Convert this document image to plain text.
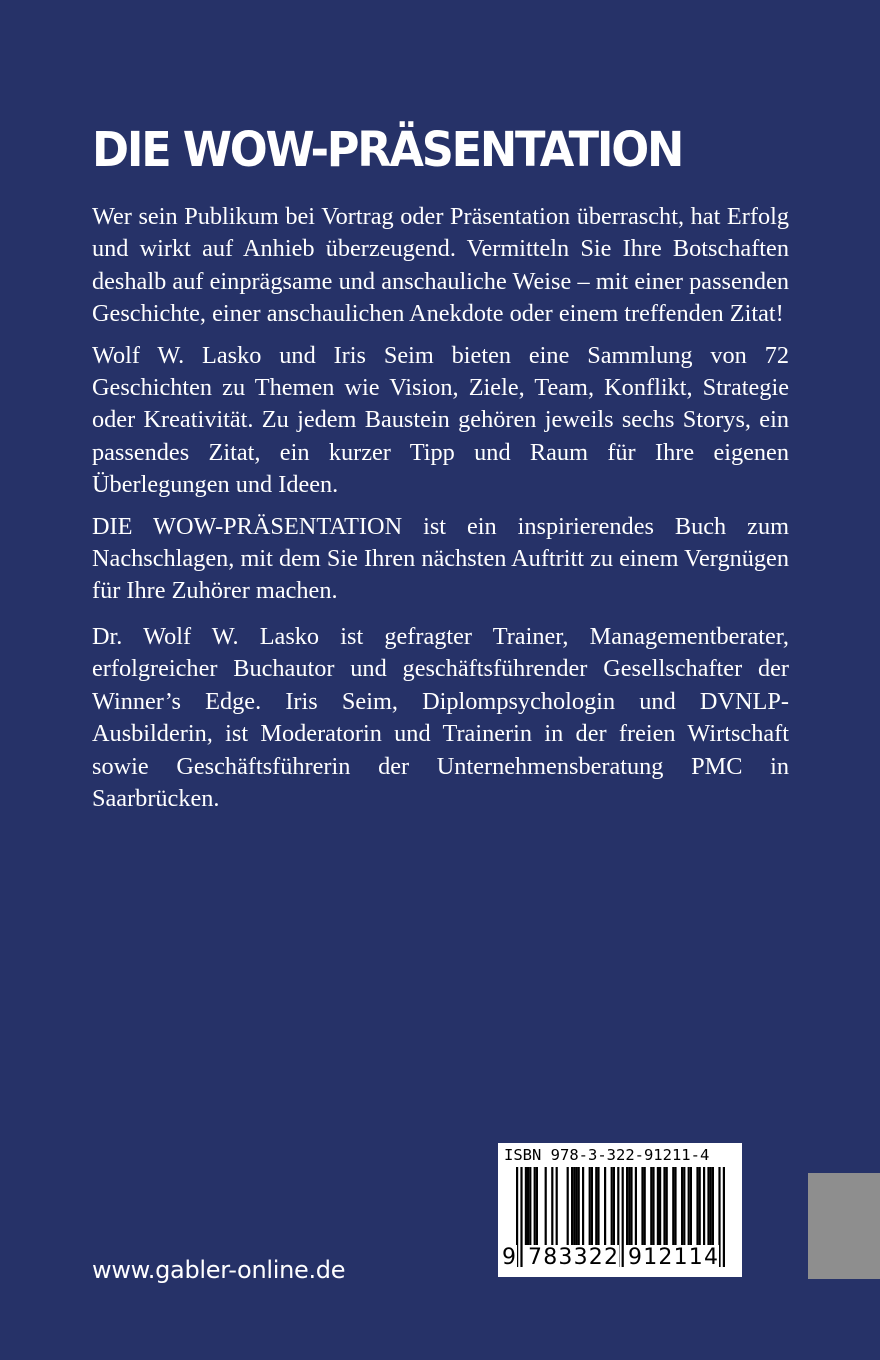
DIE WOW-PRÄSENTATION

Wer sein Publikum bei Vortrag oder Präsentation überrascht, hat Erfolg und wirkt auf Anhieb überzeugend. Vermitteln Sie Ihre Botschaften deshalb auf einprägsame und anschauliche Weise – mit einer passenden Geschichte, einer anschaulichen Anekdote oder einem treffenden Zitat!

Wolf W. Lasko und Iris Seim bieten eine Sammlung von 72 Geschichten zu Themen wie Vision, Ziele, Team, Konflikt, Strategie oder Kreativität. Zu jedem Baustein gehören jeweils sechs Storys, ein passendes Zitat, ein kurzer Tipp und Raum für Ihre eigenen Überlegungen und Ideen.

DIE WOW-PRÄSENTATION ist ein inspirierendes Buch zum Nachschlagen, mit dem Sie Ihren nächsten Auftritt zu einem Vergnügen für Ihre Zuhörer machen.

Dr. Wolf W. Lasko ist gefragter Trainer, Managementberater, erfolgreicher Buchautor und geschäftsführender Gesellschafter der Winner’s Edge. Iris Seim, Diplompsychologin und DVNLP-Ausbilderin, ist Moderatorin und Trainerin in der freien Wirtschaft sowie Geschäftsführerin der Unternehmensberatung PMC in Saarbrücken.

www.gabler-online.de
ISBN 978-3-322-91211-4
9 783322 912114
